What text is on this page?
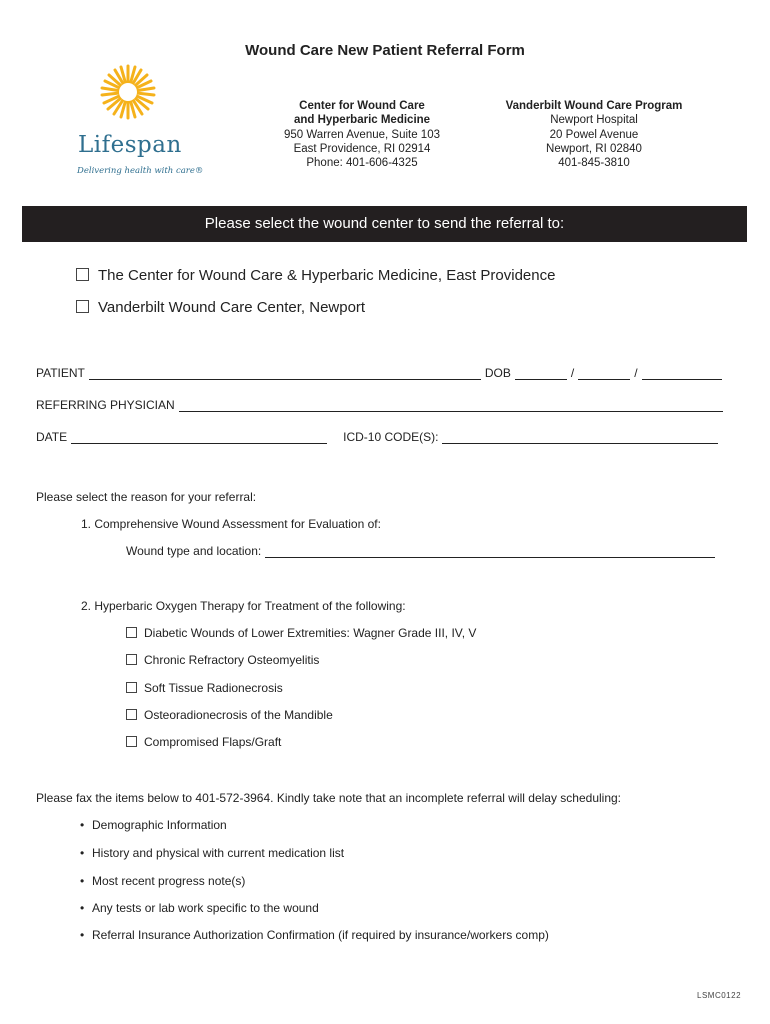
Wound Care New Patient Referral Form
Lifespan
Delivering health with care®
Center for Wound Care
and Hyperbaric Medicine
950 Warren Avenue, Suite 103
East Providence, RI 02914
Phone: 401-606-4325
Vanderbilt Wound Care Program
Newport Hospital
20 Powel Avenue
Newport, RI 02840
401-845-3810
Please select the wound center to send the referral to:
The Center for Wound Care & Hyperbaric Medicine, East Providence
Vanderbilt Wound Care Center, Newport
PATIENT	DOB	/	/
REFERRING PHYSICIAN
DATE	ICD-10 CODE(S):
Please select the reason for your referral:
1. Comprehensive Wound Assessment for Evaluation of:
Wound type and location:
2. Hyperbaric Oxygen Therapy for Treatment of the following:
Diabetic Wounds of Lower Extremities: Wagner Grade III, IV, V
Chronic Refractory Osteomyelitis
Soft Tissue Radionecrosis
Osteoradionecrosis of the Mandible
Compromised Flaps/Graft
Please fax the items below to 401-572-3964. Kindly take note that an incomplete referral will delay scheduling:
• Demographic Information
• History and physical with current medication list
• Most recent progress note(s)
• Any tests or lab work specific to the wound
• Referral Insurance Authorization Confirmation (if required by insurance/workers comp)
LSMC0122
